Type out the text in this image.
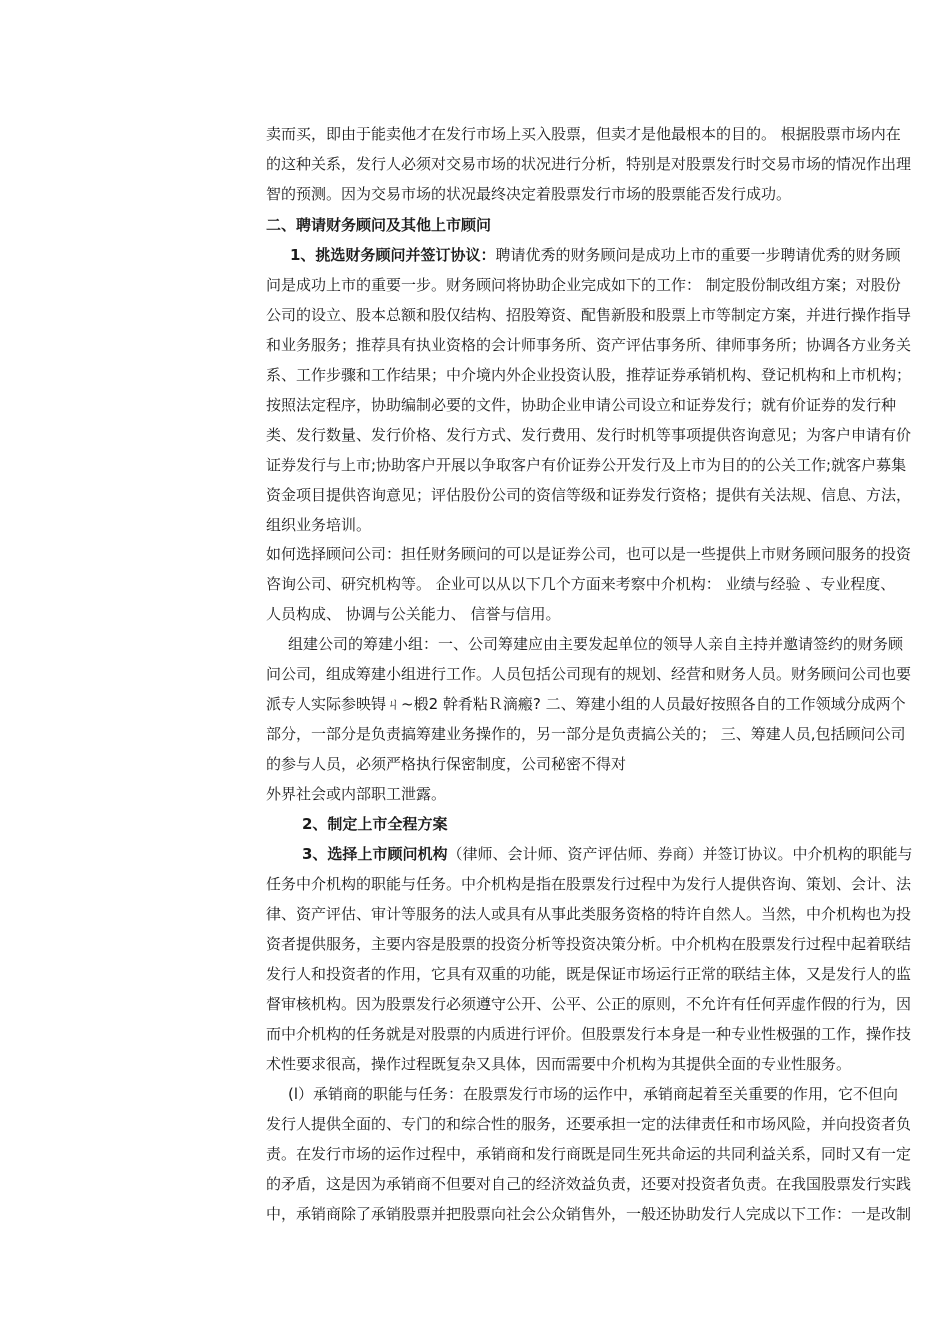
卖而买，即由于能卖他才在发行市场上买入股票，但卖才是他最根本的目的。 根据股票市场内在
的这种关系，发行人必须对交易市场的状况进行分析，特别是对股票发行时交易市场的情况作出理
智的预测。因为交易市场的状况最终决定着股票发行市场的股票能否发行成功。
二、聘请财务顾问及其他上市顾问
1、挑选财务顾问并签订协议：聘请优秀的财务顾问是成功上市的重要一步聘请优秀的财务顾
问是成功上市的重要一步。财务顾问将协助企业完成如下的工作： 制定股份制改组方案；对股份
公司的设立、股本总额和股仅结构、招股筹资、配售新股和股票上市等制定方案，并进行操作指导
和业务服务；推荐具有执业资格的会计师事务所、资产评估事务所、律师事务所；协调各方业务关
系、工作步骤和工作结果；中介境内外企业投资认股，推荐证券承销机构、登记机构和上市机构；
按照法定程序，协助编制必要的文件，协助企业申请公司设立和证券发行；就有价证券的发行种
类、发行数量、发行价格、发行方式、发行费用、发行时机等事项提供咨询意见；为客户申请有价
证券发行与上市;协助客户开展以争取客户有价证券公开发行及上市为目的的公关工作;就客户募集
资金项目提供咨询意见；评估股份公司的资信等级和证券发行资格；提供有关法规、信息、方法，
组织业务培训。
如何选择顾问公司：担任财务顾问的可以是证券公司，也可以是一些提供上市财务顾问服务的投资
咨询公司、研究机构等。 企业可以从以下几个方面来考察中介机构： 业绩与经验 、专业程度、
人员构成、 协调与公关能力、 信誉与信用。
组建公司的筹建小组：一、公司筹建应由主要发起单位的领导人亲自主持并邀请签约的财务顾
问公司，组成筹建小组进行工作。人员包括公司现有的规划、经营和财务人员。财务顾问公司也要
派专人实际参映锝ㄐ~椴2 幹肴粘Ｒ滴瘢? 二、筹建小组的人员最好按照各自的工作领域分成两个
部分，一部分是负责搞筹建业务操作的，另一部分是负责搞公关的； 三、筹建人员,包括顾问公司
的参与人员，必须严格执行保密制度，公司秘密不得对
外界社会或内部职工泄露。
2、制定上市全程方案
3、选择上市顾问机构（律师、会计师、资产评估师、券商）并签订协议。中介机构的职能与
任务中介机构的职能与任务。中介机构是指在股票发行过程中为发行人提供咨询、策划、会计、法
律、资产评估、审计等服务的法人或具有从事此类服务资格的特许自然人。当然，中介机构也为投
资者提供服务，主要内容是股票的投资分析等投资决策分析。中介机构在股票发行过程中起着联结
发行人和投资者的作用，它具有双重的功能，既是保证市场运行正常的联结主体，又是发行人的监
督审核机构。因为股票发行必须遵守公开、公平、公正的原则，不允许有任何弄虚作假的行为，因
而中介机构的任务就是对股票的内质进行评价。但股票发行本身是一种专业性极强的工作，操作技
术性要求很高，操作过程既复杂又具体，因而需要中介机构为其提供全面的专业性服务。
(l）承销商的职能与任务：在股票发行市场的运作中，承销商起着至关重要的作用，它不但向
发行人提供全面的、专门的和综合性的服务，还要承担一定的法律责任和市场风险，并向投资者负
责。在发行市场的运作过程中，承销商和发行商既是同生死共命运的共同利益关系，同时又有一定
的矛盾，这是因为承销商不但要对自己的经济效益负责，还要对投资者负责。在我国股票发行实践
中，承销商除了承销股票并把股票向社会公众销售外，一般还协助发行人完成以下工作：一是改制
